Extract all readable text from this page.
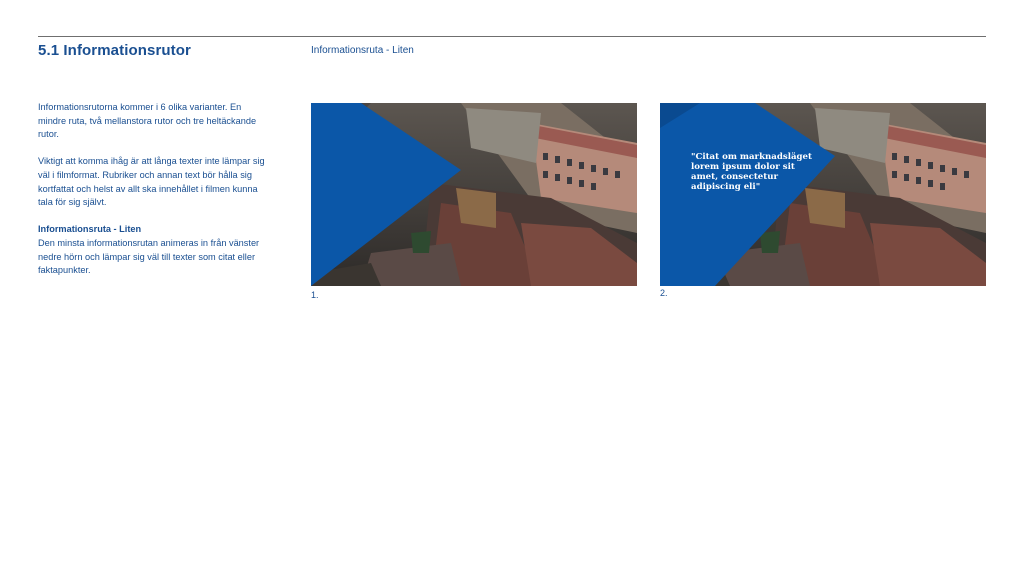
5.1 Informationsrutor	Informationsruta - Liten

Informationsrutorna kommer i 6 olika varianter. En mindre ruta, två mellanstora rutor och tre heltäckande rutor.

Viktigt att komma ihåg är att långa texter inte lämpar sig väl i filmformat. Rubriker och annan text bör hålla sig kortfattat och helst av allt ska innehållet i filmen kunna tala för sig självt.

Informationsruta - Liten
Den minsta informationsrutan animeras in från vänster nedre hörn och lämpar sig väl till texter som citat eller faktapunkter.

"Citat om marknadsläget lorem ipsum dolor sit amet, consectetur adipiscing eli"
1.	2.
